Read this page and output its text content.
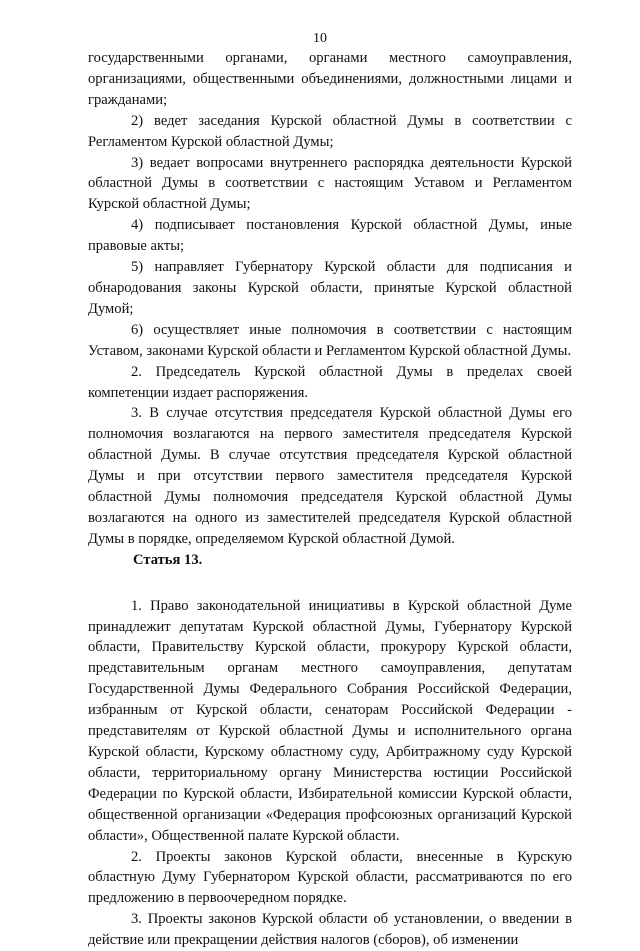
10

государственными органами, органами местного самоуправления, организациями, общественными объединениями, должностными лицами и гражданами;

2) ведет заседания Курской областной Думы в соответствии с Регламентом Курской областной Думы;

3) ведает вопросами внутреннего распорядка деятельности Курской областной Думы в соответствии с настоящим Уставом и Регламентом Курской областной Думы;

4) подписывает постановления Курской областной Думы, иные правовые акты;

5) направляет Губернатору Курской области для подписания и обнародования законы Курской области, принятые Курской областной Думой;

6) осуществляет иные полномочия в соответствии с настоящим Уставом, законами Курской области и Регламентом Курской областной Думы.

2. Председатель Курской областной Думы в пределах своей компетенции издает распоряжения.

3. В случае отсутствия председателя Курской областной Думы его полномочия возлагаются на первого заместителя председателя Курской областной Думы. В случае отсутствия председателя Курской областной Думы и при отсутствии первого заместителя председателя Курской областной Думы полномочия председателя Курской областной Думы возлагаются на одного из заместителей председателя Курской областной Думы в порядке, определяемом Курской областной Думой.

Статья 13.

1. Право законодательной инициативы в Курской областной Думе принадлежит депутатам Курской областной Думы, Губернатору Курской области, Правительству Курской области, прокурору Курской области, представительным органам местного самоуправления, депутатам Государственной Думы Федерального Собрания Российской Федерации, избранным от Курской области, сенаторам Российской Федерации - представителям от Курской областной Думы и исполнительного органа Курской области, Курскому областному суду, Арбитражному суду Курской области, территориальному органу Министерства юстиции Российской Федерации по Курской области, Избирательной комиссии Курской области, общественной организации «Федерация профсоюзных организаций Курской области», Общественной палате Курской области.

2. Проекты законов Курской области, внесенные в Курскую областную Думу Губернатором Курской области, рассматриваются по его предложению в первоочередном порядке.

3. Проекты законов Курской области об установлении, о введении в действие или прекращении действия налогов (сборов), об изменении
